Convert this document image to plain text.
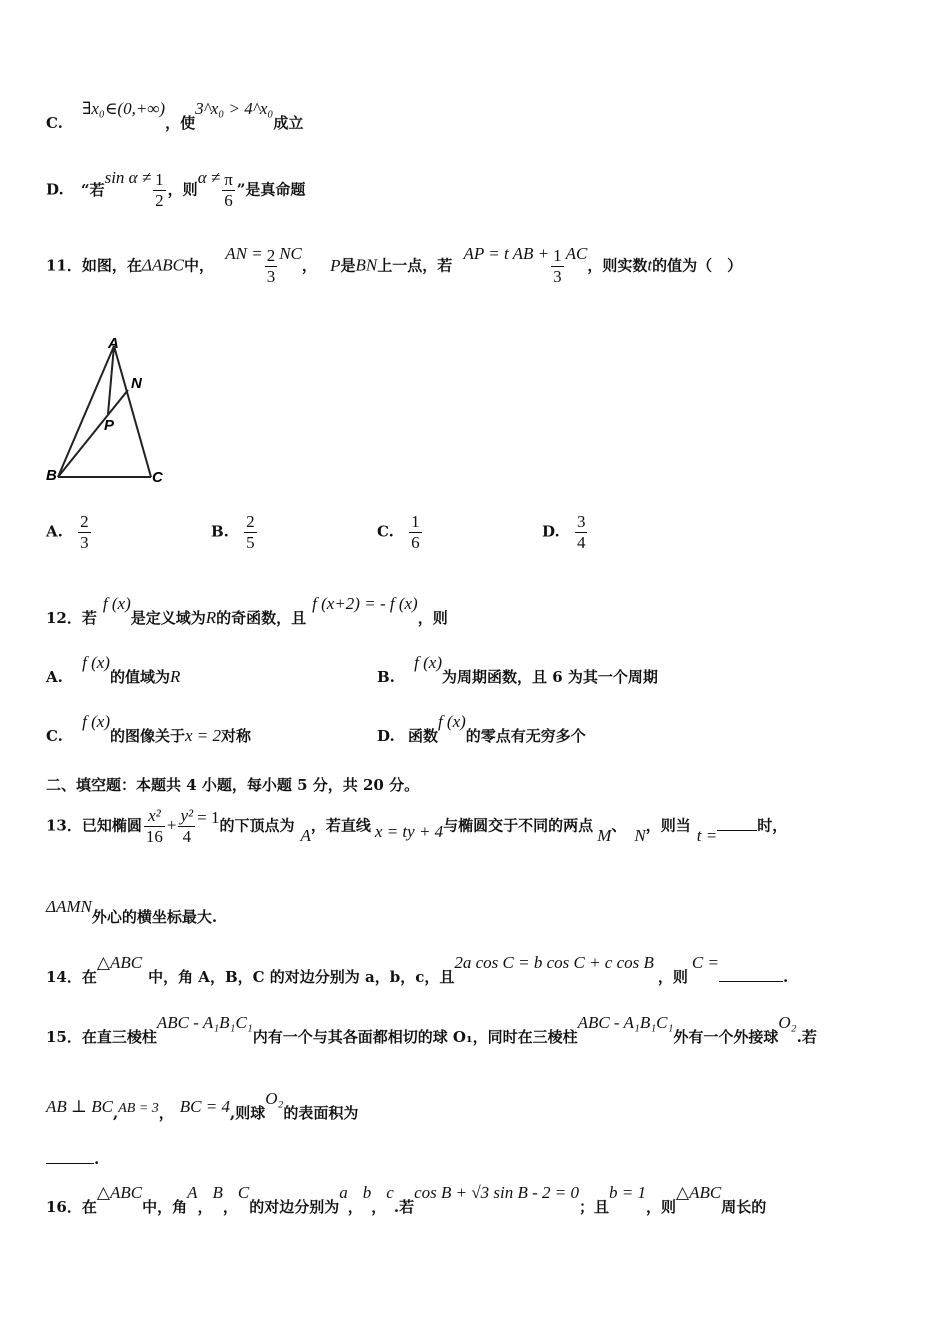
C. ∃x₀∈(0,+∞)，使3^x₀ > 4^x₀成立
D. “若$\sin \alpha \ne \frac{1}{2}$ ，则$\alpha \ne \frac{\pi}{6}$ ”是真命题
11．如图，在ΔABC中， AN = $\frac{2}{3}$ NC， P是BN上一点，若 AP = t AB + $\frac{1}{3}$ AC，则实数t的值为（　）
A
N
P
B	C
A. $\frac{2}{3}$	B. $\frac{2}{5}$	C. $\frac{1}{6}$	D. $\frac{3}{4}$
12．若f (x)是定义域为R的奇函数，且f (x+2) = - f (x)，则
A. f (x)的值域为R	B. f (x)为周期函数，且 6 为其一个周期
C. f (x)的图像关于x = 2对称	D. 函数f (x)的零点有无穷多个
二、填空题：本题共 4 小题，每小题 5 分，共 20 分。
13．已知椭圆 $\frac{\text{x²}}{16} + \frac{\text{y²}}{4} = 1$的下顶点为 A，若直线 x = ty + 4与椭圆交于不同的两点 M、 N，则当 t =	时，
ΔAMN外心的横坐标最大.
14．在△ABC中，角 A，B，C 的对边分别为 a，b，c，且2a cos C = b cos C + c cos B，则C =.
15．在直三棱柱ABC - A₁B₁C₁内有一个与其各面都相切的球 O₁，同时在三棱柱ABC - A₁B₁C₁外有一个外接球O₂.若
AB ⊥ BC,AB = 3， BC = 4,则球O₂的表面积为
.
16．在△ABC中，角A，B，C的对边分别为a，b，c.若cos B + √3 sin B - 2 = 0；且b = 1，则△ABC周长的
